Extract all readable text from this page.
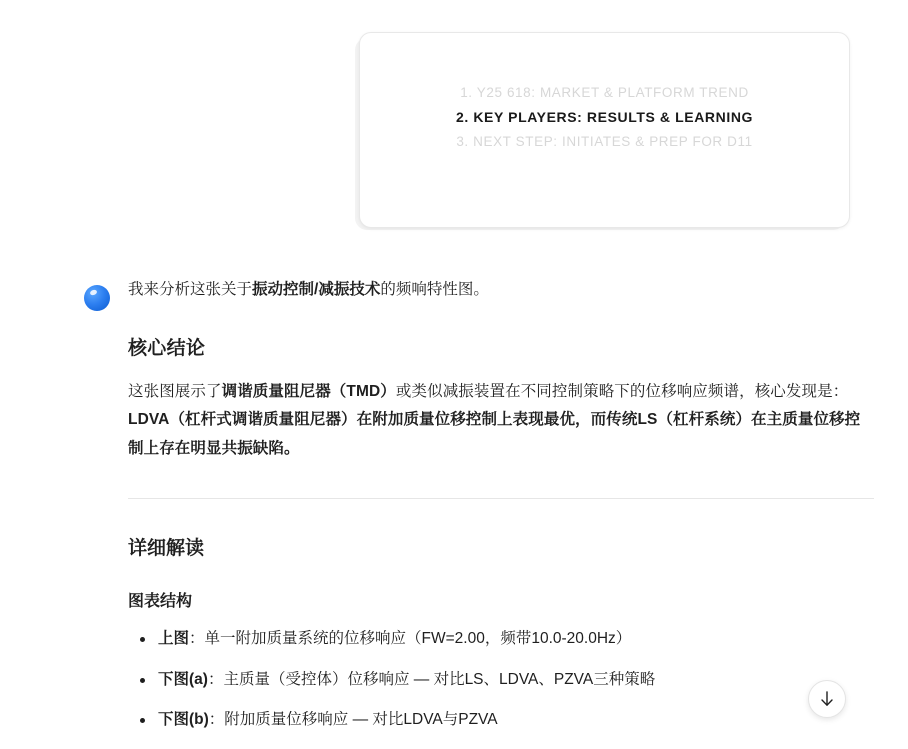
1. Y25 618: MARKET & PLATFORM TREND

2. KEY PLAYERS: RESULTS & LEARNING

3. NEXT STEP: INITIATES & PREP FOR D11

我来分析这张关于振动控制/减振技术的频响特性图。

核心结论

这张图展示了调谐质量阻尼器（TMD）或类似减振装置在不同控制策略下的位移响应频谱，核心发现是：LDVA（杠杆式调谐质量阻尼器）在附加质量位移控制上表现最优，而传统LS（杠杆系统）在主质量位移控制上存在明显共振缺陷。

详细解读
图表结构
上图：单一附加质量系统的位移响应（FW=2.00，频带10.0-20.0Hz）
下图(a)：主质量（受控体）位移响应 — 对比LS、LDVA、PZVA三种策略
下图(b)：附加质量位移响应 — 对比LDVA与PZVA
